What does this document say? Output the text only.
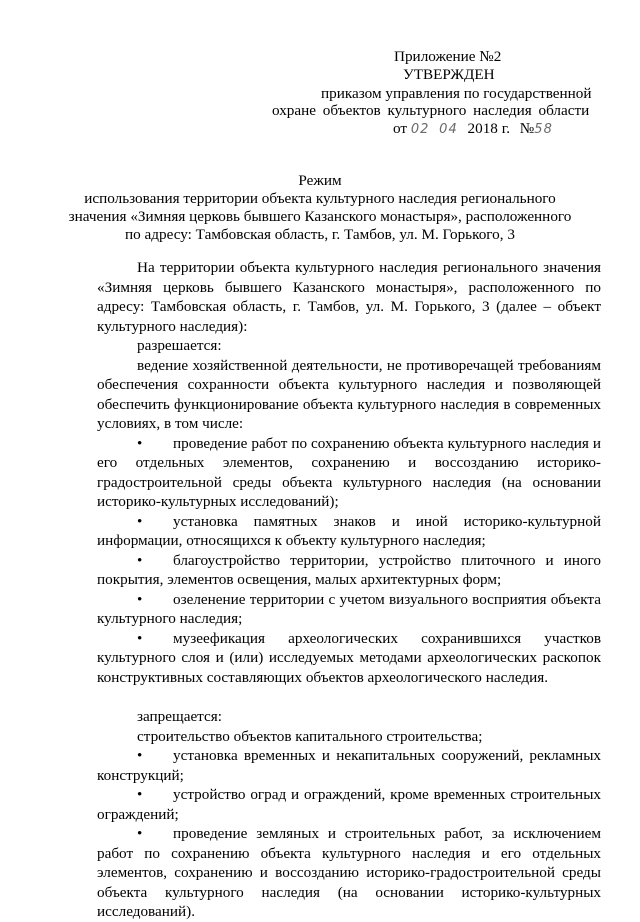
Приложение №2
УТВЕРЖДЕН
приказом управления по государственной
охране объектов культурного наследия области
от 02 04 2018 г. №58
Режим
использования территории объекта культурного наследия регионального
значения «Зимняя церковь бывшего Казанского монастыря», расположенного
по адресу: Тамбовская область, г. Тамбов, ул. М. Горького, 3

На территории объекта культурного наследия регионального значения «Зимняя церковь бывшего Казанского монастыря», расположенного по адресу: Тамбовская область, г. Тамбов, ул. М. Горького, 3 (далее – объект культурного наследия):

разрешается:

ведение хозяйственной деятельности, не противоречащей требованиям обеспечения сохранности объекта культурного наследия и позволяющей обеспечить функционирование объекта культурного наследия в современных условиях, в том числе:

• проведение работ по сохранению объекта культурного наследия и его отдельных элементов, сохранению и воссозданию историко-градостроительной среды объекта культурного наследия (на основании историко-культурных исследований);

• установка памятных знаков и иной историко-культурной информации, относящихся к объекту культурного наследия;

• благоустройство территории, устройство плиточного и иного покрытия, элементов освещения, малых архитектурных форм;

• озеленение территории с учетом визуального восприятия объекта культурного наследия;

• музеефикация археологических сохранившихся участков культурного слоя и (или) исследуемых методами археологических раскопок конструктивных составляющих объектов археологического наследия.

запрещается:

строительство объектов капитального строительства;

• установка временных и некапитальных сооружений, рекламных конструкций;

• устройство оград и ограждений, кроме временных строительных ограждений;

• проведение земляных и строительных работ, за исключением работ по сохранению объекта культурного наследия и его отдельных элементов, сохранению и воссозданию историко-градостроительной среды объекта культурного наследия (на основании историко-культурных исследований).
